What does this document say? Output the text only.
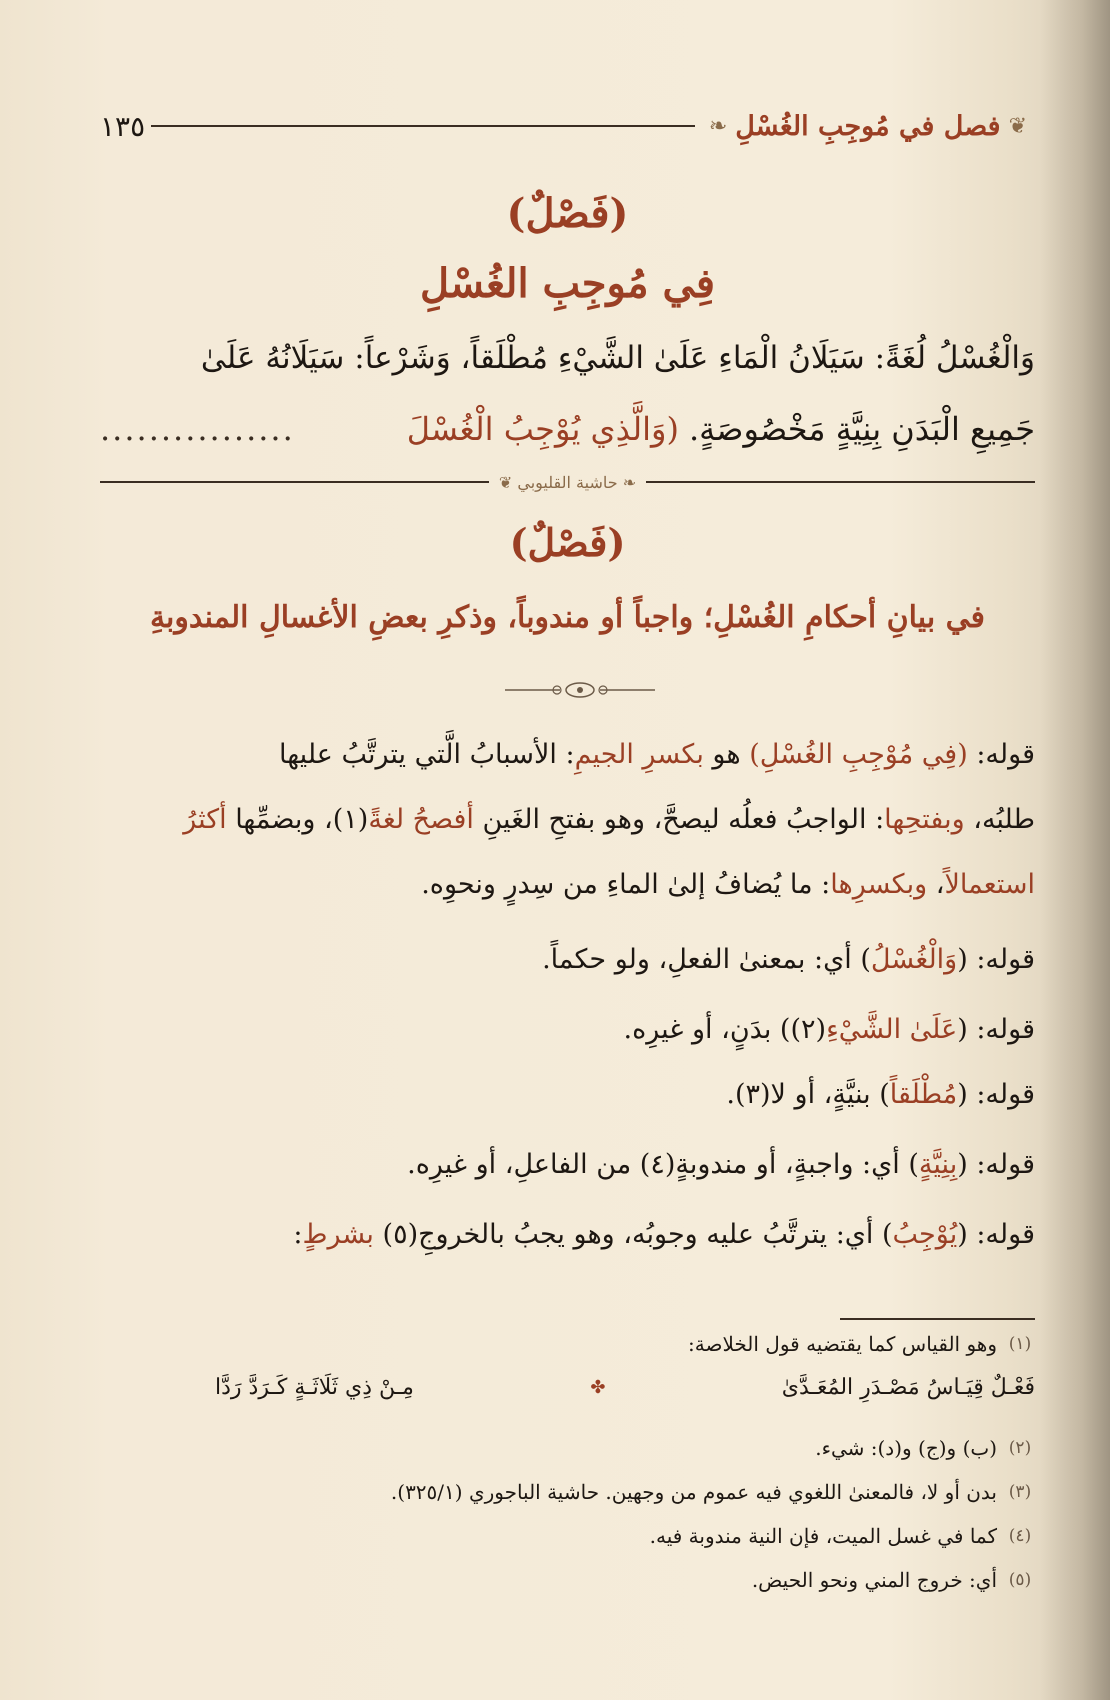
❦
فصل في مُوجِبِ الغُسْلِ
❧
١٣٥
(فَصْلٌ)
فِي مُوجِبِ الغُسْلِ
وَالْغُسْلُ لُغَةً: سَيَلَانُ الْمَاءِ عَلَىٰ الشَّيْءِ مُطْلَقاً، وَشَرْعاً: سَيَلَانُهُ عَلَىٰ
جَمِيعِ الْبَدَنِ بِنِيَّةٍ مَخْصُوصَةٍ.
(وَالَّذِي يُوْجِبُ الْغُسْلَ
................
❧ حاشية القليوبي ❦
(فَصْلٌ)
في بيانِ أحكامِ الغُسْلِ؛ واجباً أو مندوباً، وذكرِ بعضِ الأغسالِ المندوبةِ
قوله: (فِي مُوْجِبِ الغُسْلِ) هو بكسرِ الجيمِ: الأسبابُ الَّتي يترتَّبُ عليها
طلبُه، وبفتحِها: الواجبُ فعلُه ليصحَّ، وهو بفتحِ الغَينِ أفصحُ لغةً(١)، وبضمِّها أكثرُ
استعمالاً، وبكسرِها: ما يُضافُ إلىٰ الماءِ من سِدرٍ ونحوِه.
قوله: (وَالْغُسْلُ) أي: بمعنىٰ الفعلِ، ولو حكماً.
قوله: (عَلَىٰ الشَّيْءِ(٢)) بدَنٍ، أو غيرِه.
قوله: (مُطْلَقاً) بنيَّةٍ، أو لا(٣).
قوله: (بِنِيَّةٍ) أي: واجبةٍ، أو مندوبةٍ(٤) من الفاعلِ، أو غيرِه.
قوله: (يُوْجِبُ) أي: يترتَّبُ عليه وجوبُه، وهو يجبُ بالخروجِ(٥) بشرطٍ:
(١)
وهو القياس كما يقتضيه قول الخلاصة:
فَعْـلٌ قِيَـاسُ مَصْـدَرِ المُعَـدَّىٰ
✤
مِـنْ ذِي ثَلَاثَـةٍ كَـرَدَّ رَدَّا
(٢)
(ب) و(ج) و(د): شيء.
(٣)
بدن أو لا، فالمعنىٰ اللغوي فيه عموم من وجهين. حاشية الباجوري (٣٢٥/١).
(٤)
كما في غسل الميت، فإن النية مندوبة فيه.
(٥)
أي: خروج المني ونحو الحيض.
